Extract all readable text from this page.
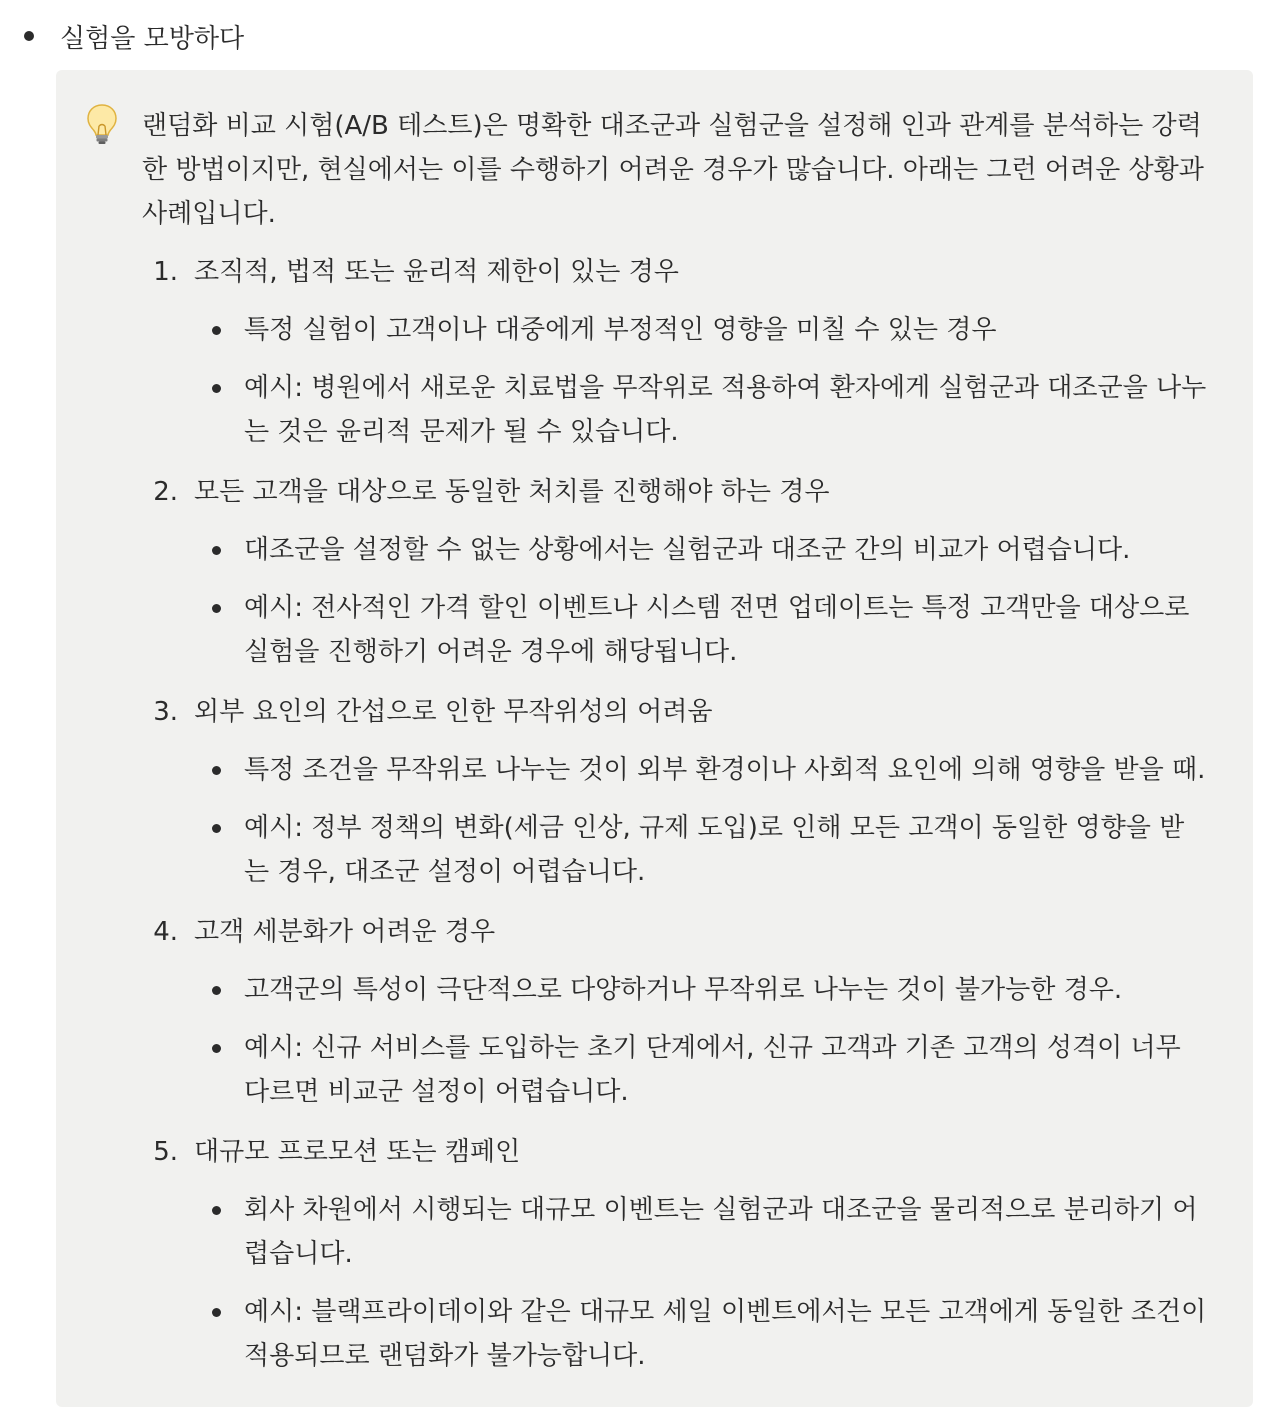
실험을 모방하다
랜덤화 비교 시험(A/B 테스트)은 명확한 대조군과 실험군을 설정해 인과 관계를 분석하는 강력한 방법이지만, 현실에서는 이를 수행하기 어려운 경우가 많습니다. 아래는 그런 어려운 상황과 사례입니다.
1. 조직적, 법적 또는 윤리적 제한이 있는 경우
특정 실험이 고객이나 대중에게 부정적인 영향을 미칠 수 있는 경우
예시: 병원에서 새로운 치료법을 무작위로 적용하여 환자에게 실험군과 대조군을 나누는 것은 윤리적 문제가 될 수 있습니다.
2. 모든 고객을 대상으로 동일한 처치를 진행해야 하는 경우
대조군을 설정할 수 없는 상황에서는 실험군과 대조군 간의 비교가 어렵습니다.
예시: 전사적인 가격 할인 이벤트나 시스템 전면 업데이트는 특정 고객만을 대상으로 실험을 진행하기 어려운 경우에 해당됩니다.
3. 외부 요인의 간섭으로 인한 무작위성의 어려움
특정 조건을 무작위로 나누는 것이 외부 환경이나 사회적 요인에 의해 영향을 받을 때.
예시: 정부 정책의 변화(세금 인상, 규제 도입)로 인해 모든 고객이 동일한 영향을 받는 경우, 대조군 설정이 어렵습니다.
4. 고객 세분화가 어려운 경우
고객군의 특성이 극단적으로 다양하거나 무작위로 나누는 것이 불가능한 경우.
예시: 신규 서비스를 도입하는 초기 단계에서, 신규 고객과 기존 고객의 성격이 너무 다르면 비교군 설정이 어렵습니다.
5. 대규모 프로모션 또는 캠페인
회사 차원에서 시행되는 대규모 이벤트는 실험군과 대조군을 물리적으로 분리하기 어렵습니다.
예시: 블랙프라이데이와 같은 대규모 세일 이벤트에서는 모든 고객에게 동일한 조건이 적용되므로 랜덤화가 불가능합니다.
